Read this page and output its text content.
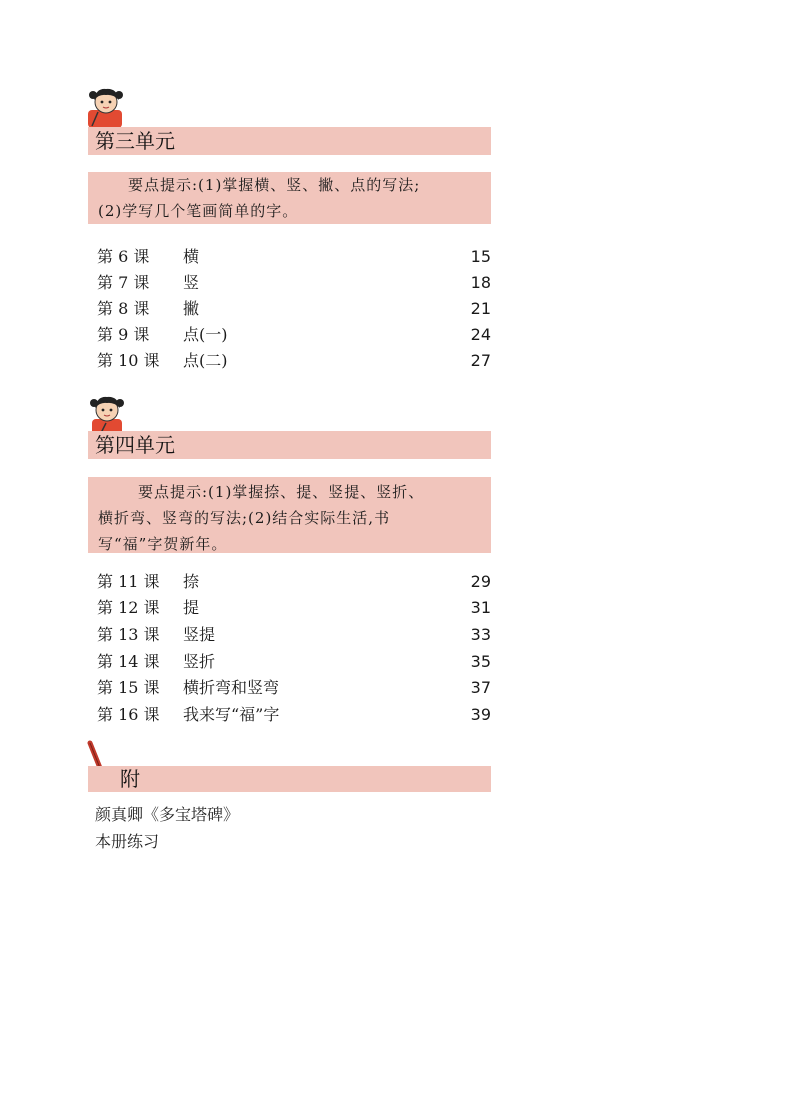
第三单元

要点提示:(1)掌握横、竖、撇、点的写法;

(2)学写几个笔画简单的字。

第 6 课	横	15
第 7 课	竖	18
第 8 课	撇	21
第 9 课	点(一)	24
第 10 课	点(二)	27
第四单元

要点提示:(1)掌握捺、提、竖提、竖折、

横折弯、竖弯的写法;(2)结合实际生活,书

写“福”字贺新年。

第 11 课	捺	29
第 12 课	提	31
第 13 课	竖提	33
第 14 课	竖折	35
第 15 课	横折弯和竖弯	37
第 16 课	我来写“福”字	39
附
颜真卿《多宝塔碑》
本册练习
